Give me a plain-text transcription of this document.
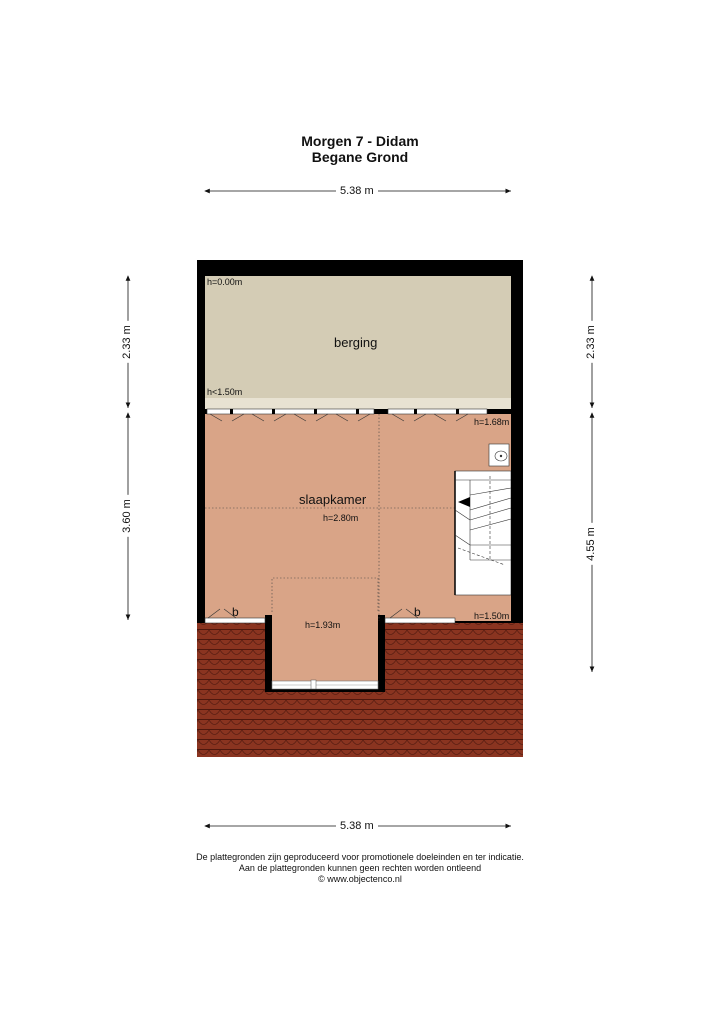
Morgen 7 - Didam
Begane Grond
5.38 m
5.38 m
2.33 m
3.60 m
2.33 m
4.55 m
berging
h=0.00m
h<1.50m
slaapkamer
h=2.80m
h=1.93m
h=1.68m
h=1.50m
b	b
De plattegronden zijn geproduceerd voor promotionele doeleinden en ter indicatie.
Aan de plattegronden kunnen geen rechten worden ontleend
© www.objectenco.nl
